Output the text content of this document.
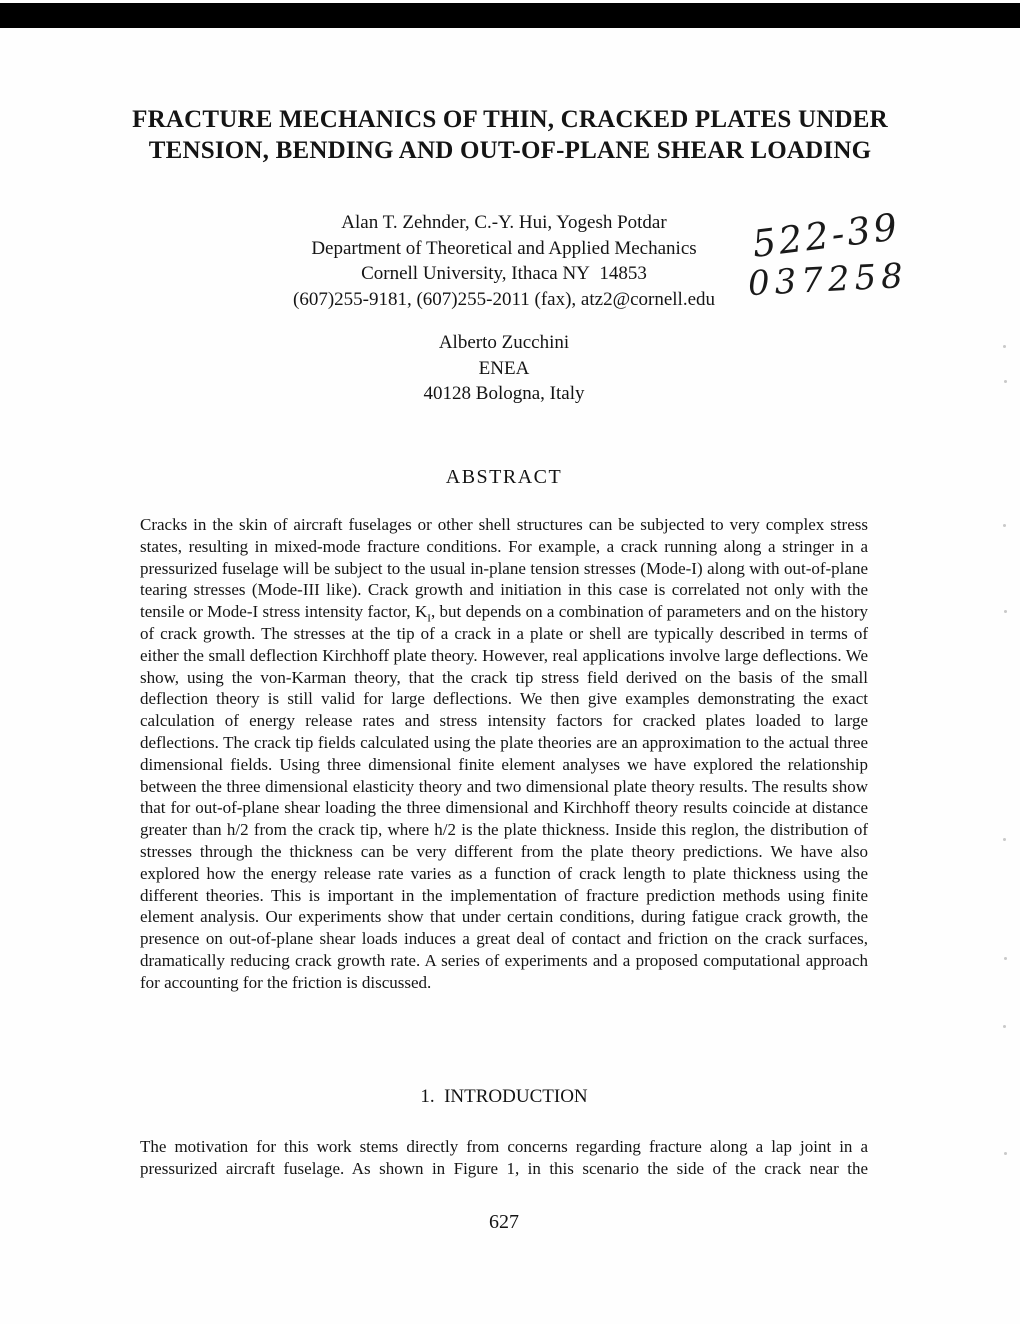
FRACTURE MECHANICS OF THIN, CRACKED PLATES UNDER
TENSION, BENDING AND OUT-OF-PLANE SHEAR LOADING
Alan T. Zehnder, C.-Y. Hui, Yogesh Potdar
Department of Theoretical and Applied Mechanics
Cornell University, Ithaca NY  14853
(607)255-9181, (607)255-2011 (fax), atz2@cornell.edu
522-39
037258
Alberto Zucchini
ENEA
40128 Bologna, Italy
ABSTRACT

Cracks in the skin of aircraft fuselages or other shell structures can be subjected to very complex stress states, resulting in mixed-mode fracture conditions. For example, a crack running along a stringer in a pressurized fuselage will be subject to the usual in-plane tension stresses (Mode-I) along with out-of-plane tearing stresses (Mode-III like). Crack growth and initiation in this case is correlated not only with the tensile or Mode-I stress intensity factor, $K_I$, but depends on a combination of parameters and on the history of crack growth. The stresses at the tip of a crack in a plate or shell are typically described in terms of either the small deflection Kirchhoff plate theory. However, real applications involve large deflections. We show, using the von-Karman theory, that the crack tip stress field derived on the basis of the small deflection theory is still valid for large deflections. We then give examples demonstrating the exact calculation of energy release rates and stress intensity factors for cracked plates loaded to large deflections. The crack tip fields calculated using the plate theories are an approximation to the actual three dimensional fields. Using three dimensional finite element analyses we have explored the relationship between the three dimensional elasticity theory and two dimensional plate theory results. The results show that for out-of-plane shear loading the three dimensional and Kirchhoff theory results coincide at distance greater than h/2 from the crack tip, where h/2 is the plate thickness. Inside this reglon, the distribution of stresses through the thickness can be very different from the plate theory predictions. We have also explored how the energy release rate varies as a function of crack length to plate thickness using the different theories. This is important in the implementation of fracture prediction methods using finite element analysis. Our experiments show that under certain conditions, during fatigue crack growth, the presence on out-of-plane shear loads induces a great deal of contact and friction on the crack surfaces, dramatically reducing crack growth rate. A series of experiments and a proposed computational approach for accounting for the friction is discussed.

1.  INTRODUCTION

The motivation for this work stems directly from concerns regarding fracture along a lap joint in a pressurized aircraft fuselage. As shown in Figure 1, in this scenario the side of the crack near the

627
